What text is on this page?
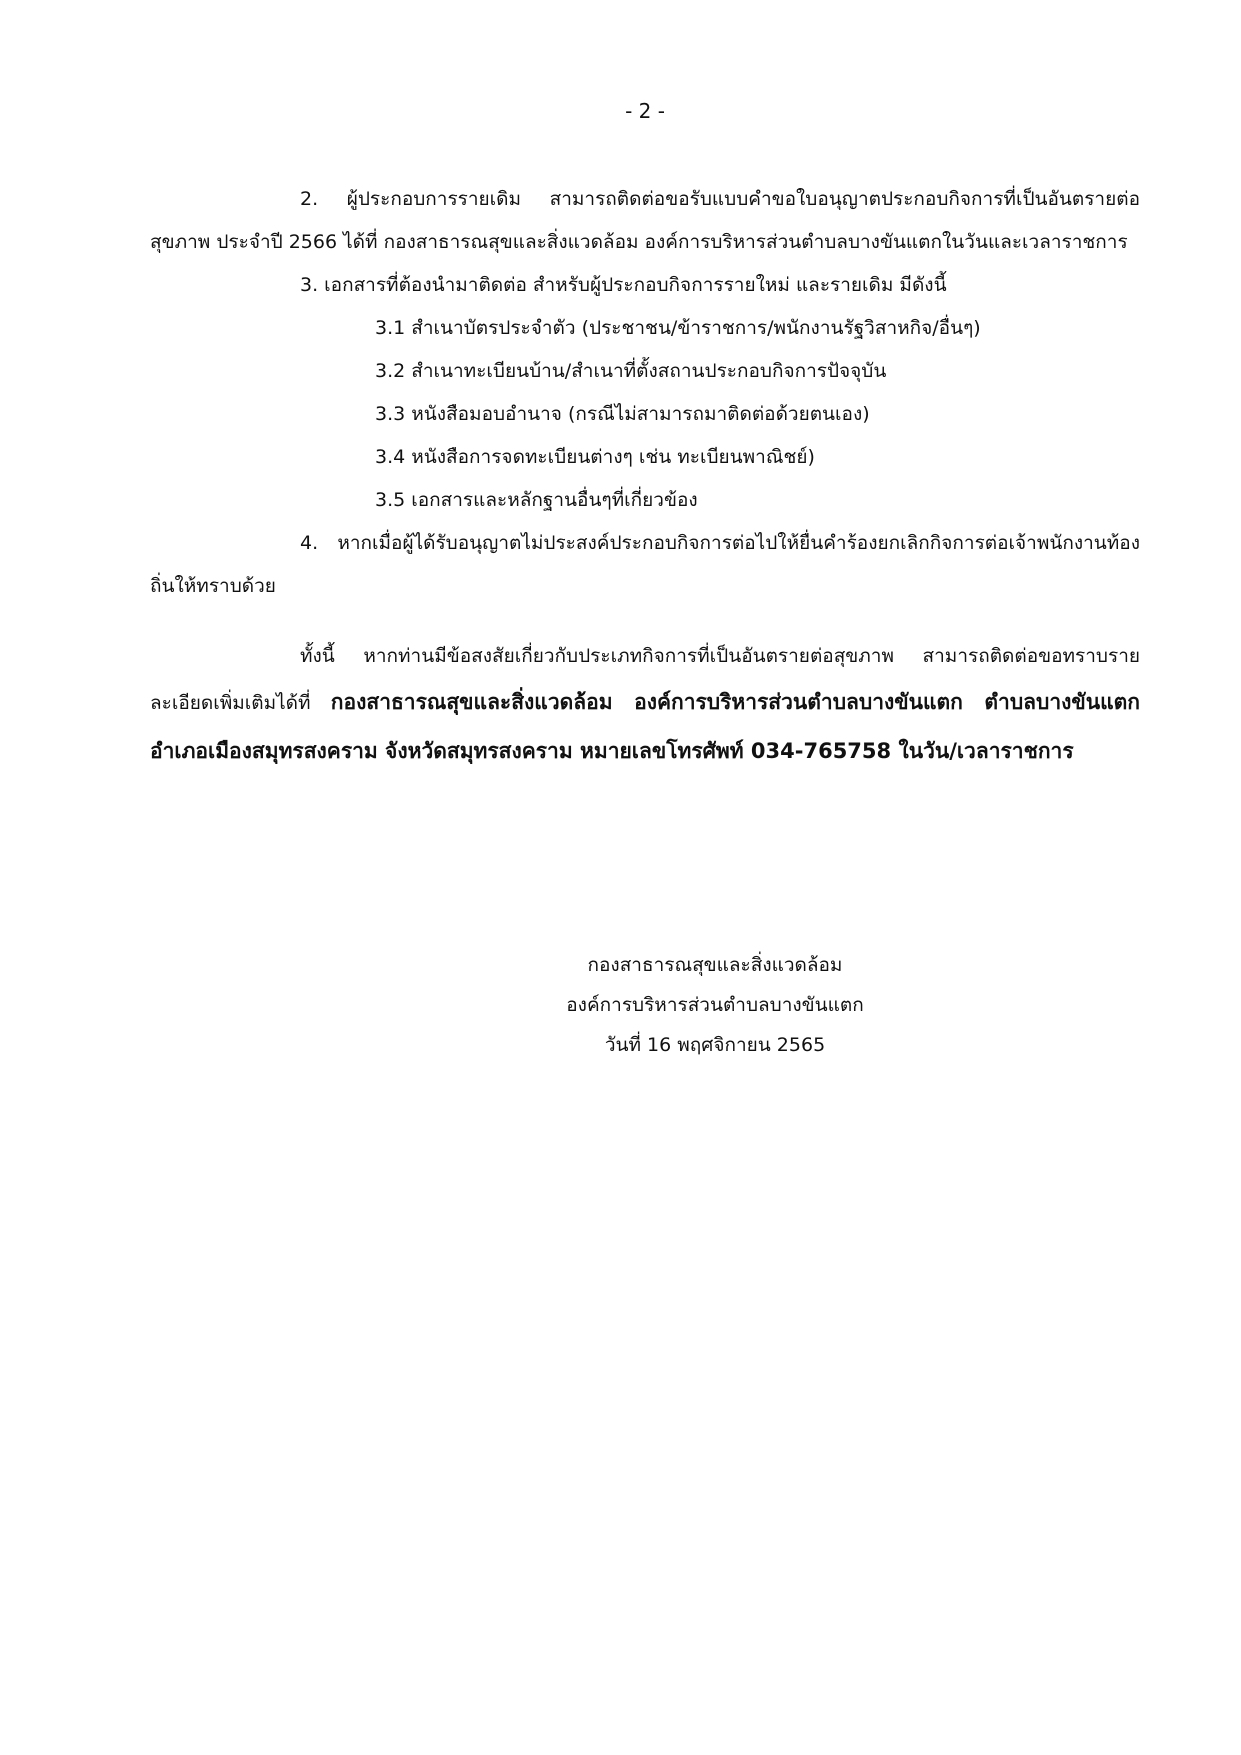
- 2 -

2. ผู้ประกอบการรายเดิม สามารถติดต่อขอรับแบบคำขอใบอนุญาตประกอบกิจการที่เป็นอันตรายต่อสุขภาพ ประจำปี 2566 ได้ที่ กองสาธารณสุขและสิ่งแวดล้อม องค์การบริหารส่วนตำบลบางขันแตกในวันและเวลาราชการ

3. เอกสารที่ต้องนำมาติดต่อ สำหรับผู้ประกอบกิจการรายใหม่ และรายเดิม มีดังนี้

3.1 สำเนาบัตรประจำตัว (ประชาชน/ข้าราชการ/พนักงานรัฐวิสาหกิจ/อื่นๆ)

3.2 สำเนาทะเบียนบ้าน/สำเนาที่ตั้งสถานประกอบกิจการปัจจุบัน

3.3 หนังสือมอบอำนาจ (กรณีไม่สามารถมาติดต่อด้วยตนเอง)

3.4 หนังสือการจดทะเบียนต่างๆ เช่น ทะเบียนพาณิชย์)

3.5 เอกสารและหลักฐานอื่นๆที่เกี่ยวข้อง

4. หากเมื่อผู้ได้รับอนุญาตไม่ประสงค์ประกอบกิจการต่อไปให้ยื่นคำร้องยกเลิกกิจการต่อเจ้าพนักงานท้องถิ่นให้ทราบด้วย

ทั้งนี้ หากท่านมีข้อสงสัยเกี่ยวกับประเภทกิจการที่เป็นอันตรายต่อสุขภาพ สามารถติดต่อขอทราบรายละเอียดเพิ่มเติมได้ที่ กองสาธารณสุขและสิ่งแวดล้อม องค์การบริหารส่วนตำบลบางขันแตก ตำบลบางขันแตก อำเภอเมืองสมุทรสงคราม จังหวัดสมุทรสงคราม หมายเลขโทรศัพท์ 034-765758 ในวัน/เวลาราชการ

กองสาธารณสุขและสิ่งแวดล้อม
องค์การบริหารส่วนตำบลบางขันแตก
วันที่ 16 พฤศจิกายน 2565
